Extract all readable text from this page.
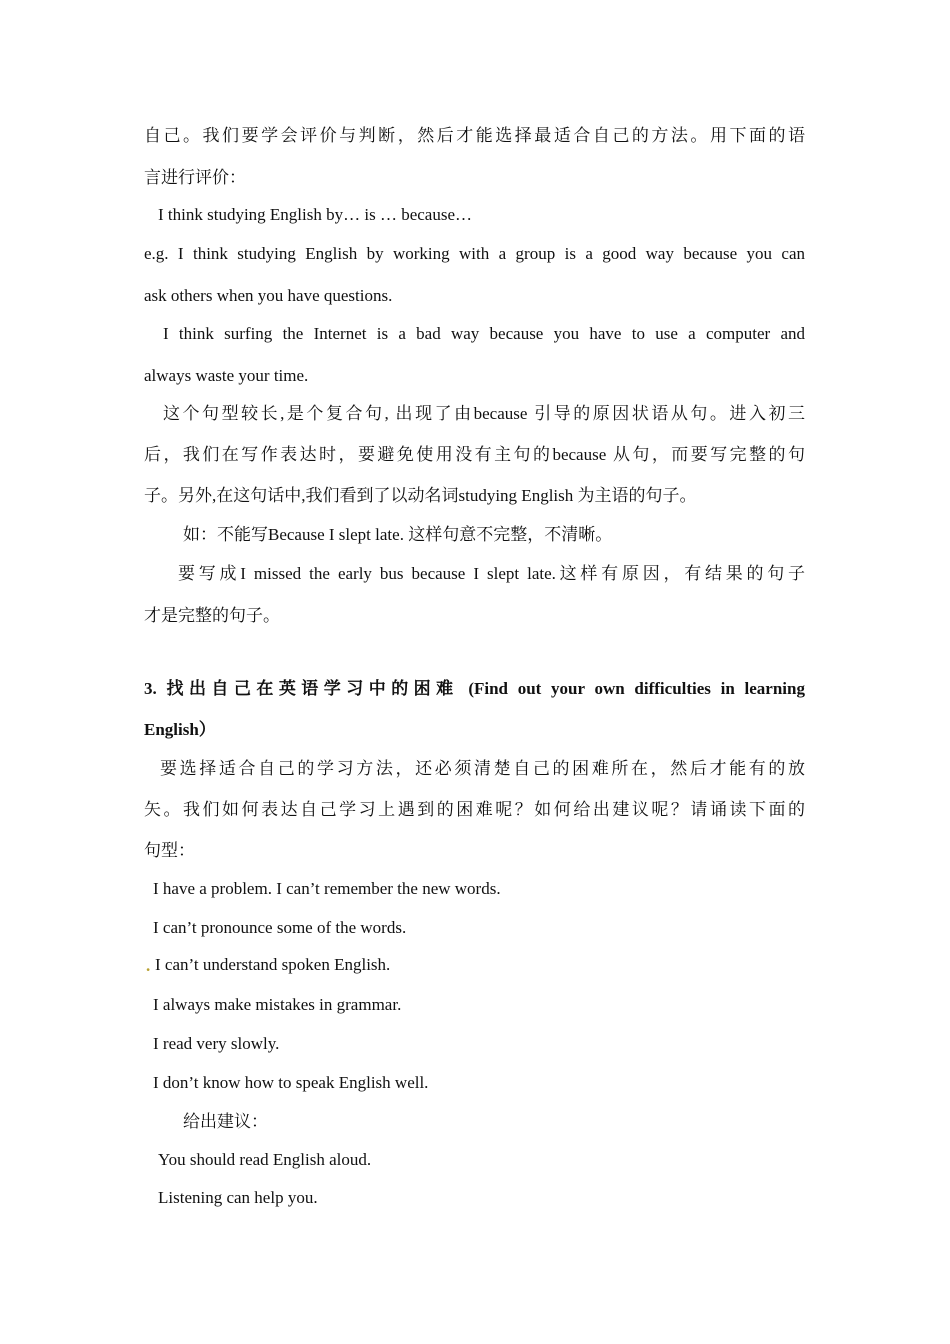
自己。我们要学会评价与判断，然后才能选择最适合自己的方法。用下面的语
言进行评价：
I think studying English by… is … because…
e.g. I think studying English by working with a group is a good way because you can
ask others when you have questions.
I think surfing the Internet is a bad way because you have to use a computer and
always waste your time.
这个句型较长,是个复合句, 出现了由because 引导的原因状语从句。进入初三
后，我们在写作表达时，要避免使用没有主句的because 从句，而要写完整的句
子。另外,在这句话中,我们看到了以动名词studying English 为主语的句子。
如：不能写Because I slept late. 这样句意不完整，不清晰。
要写成I missed the early bus because I slept late.这样有原因，有结果的句子
才是完整的句子。
3. 找出自己在英语学习中的困难 (Find out your own difficulties in learning
English）
要选择适合自己的学习方法，还必须清楚自己的困难所在，然后才能有的放
矢。我们如何表达自己学习上遇到的困难呢？如何给出建议呢？请诵读下面的
句型：
I have a problem. I can’t remember the new words.
I can’t pronounce some of the words.
. I can’t understand spoken English.
I always make mistakes in grammar.
I read very slowly.
I don’t know how to speak English well.
给出建议：
You should read English aloud.
Listening can help you.
